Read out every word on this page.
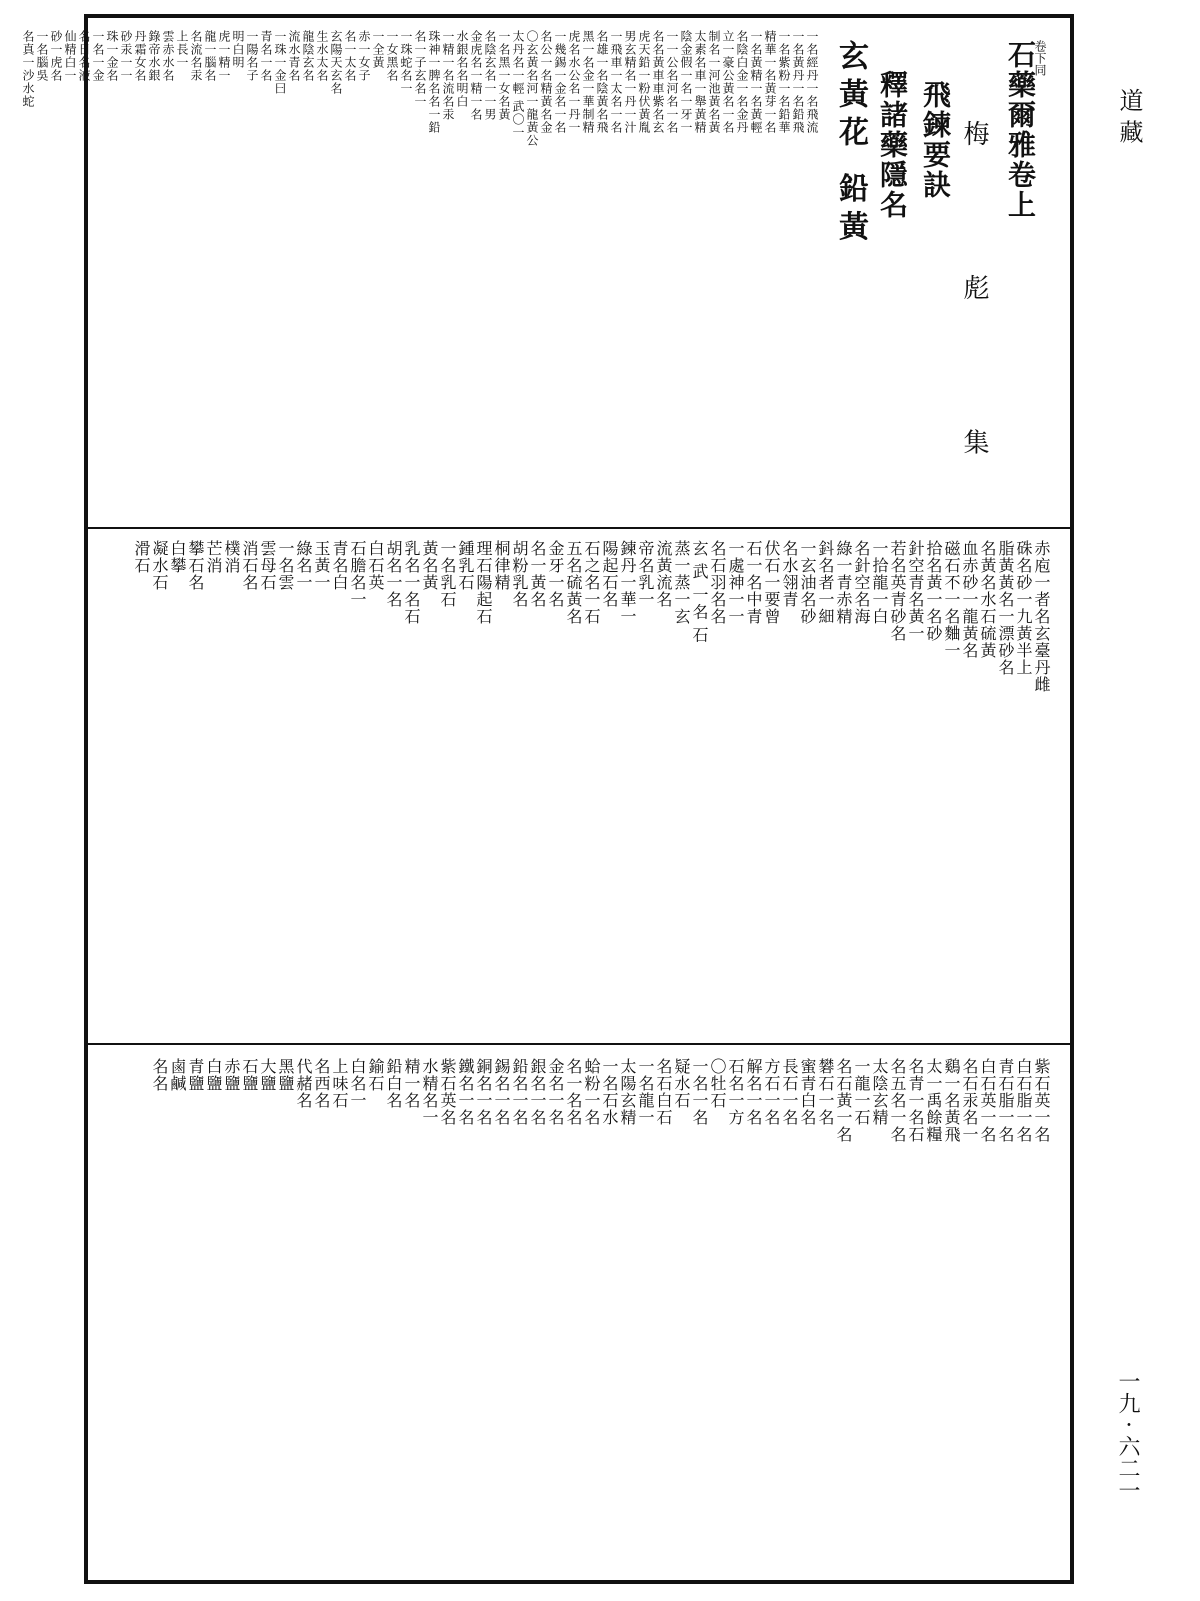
道 藏
一九 · 六二一
石藥爾雅卷上
卷下同
梅 彪 集
飛鍊要訣
釋諸藥隱名
玄黃花 鉛黃
一名經丹一名飛流
一名黃丹一名鉛飛
一名紫粉一名鉛華
精華一名黃芽一名
一名黃精一名黃輕
名陰白金一名金丹
立一豪公黃名一名
制名一河池黃名黃
太素名車一舉黃精
陰金假一名一牙一
一一公名河名一名
名名黃車車紫名玄
虎天鉛一粉伏黃胤
男玄精名一丹一汁
一飛車一太名一名
名雄一名陰黃名飛
黑一名金一華制精
虎名水公名一丹一
一幾錫一金名一名
名公一名精黃名金
〇玄黃名河一龍黃公
太丹名一輕 武〇一
一名黑一女名黃
名陰玄名一一男
金虎名一精一名
水銀名名明白
一精一名流名汞
珠神一脾名名一鉛
名一子玄名一
一珠蛇名一
一女黑名
一全黃
赤一女子
名一太名
玄陽天玄名
生水太名
龍陰玄名
流水青名
一珠一金曰
青名一名
一陽名子
明白明
虎一精一
龍一腦名
名流名汞
上長一
雲赤水名
錄帝水銀
丹霜女名
砂汞一一
珠一金名
一名一金
名日名液
仙精白一
砂一虎名
一名腦吳
名真一沙水蛇
赤庖一者名玄臺丹雌
硃名砂一九黃半上
脂黃黃名一漂砂名
名黃名水石硫黃
血赤砂一龍黃名
磁石不一名麯一
拾名黃一名砂
針空青名黃一
若名英青砂名
一拾龍一白
名針空名海
綠一青赤精
鈄名者一細
一玄油名砂
名水翎青
伏石一要曾
石一名中青
一處神一一
名石羽名名
玄 武 一名 石
蒸一蒸一玄
流黃流名
帝名乳一
鍊丹一華一
陽起石名
石之名一石
五名硫黃名
金牙一名
名一黃名
胡粉乳名
桐律精
理石陽起石
鍾乳石
一名乳石
黃名黃
乳名一名石
胡名一名
白石英
石膽名一
青名白
玉黃一
綠名一
一名雲
雲母石
消石名
樸消
芒消
攀石名
白攀
凝水石
滑石
紫石英一名
白石脂一名
青石脂一名
白石英一名
名石汞名一
鷄一名黃飛
太一禹餘糧
名青一名石
名五名一名
太陰玄精
一龍一石
名石黃一名
礬石一名
蜜青白名
長石一名
方石一名
解名一名
石名一方
〇牡石
一名一名
疑水石
名石白石
一名龍一
太陽玄精
一名石水
蛤粉一名
名一名名
金名一名
銀名一名
鉛名一名
錫名一名
銅名一名
鐵名一名
紫石英名
水精名一
精一名
鉛白名
鍮石
白名一
上味石
名西名
代赭名
黑鹽
大鹽
石鹽
赤鹽
白鹽
青鹽
鹵鹹
名名
